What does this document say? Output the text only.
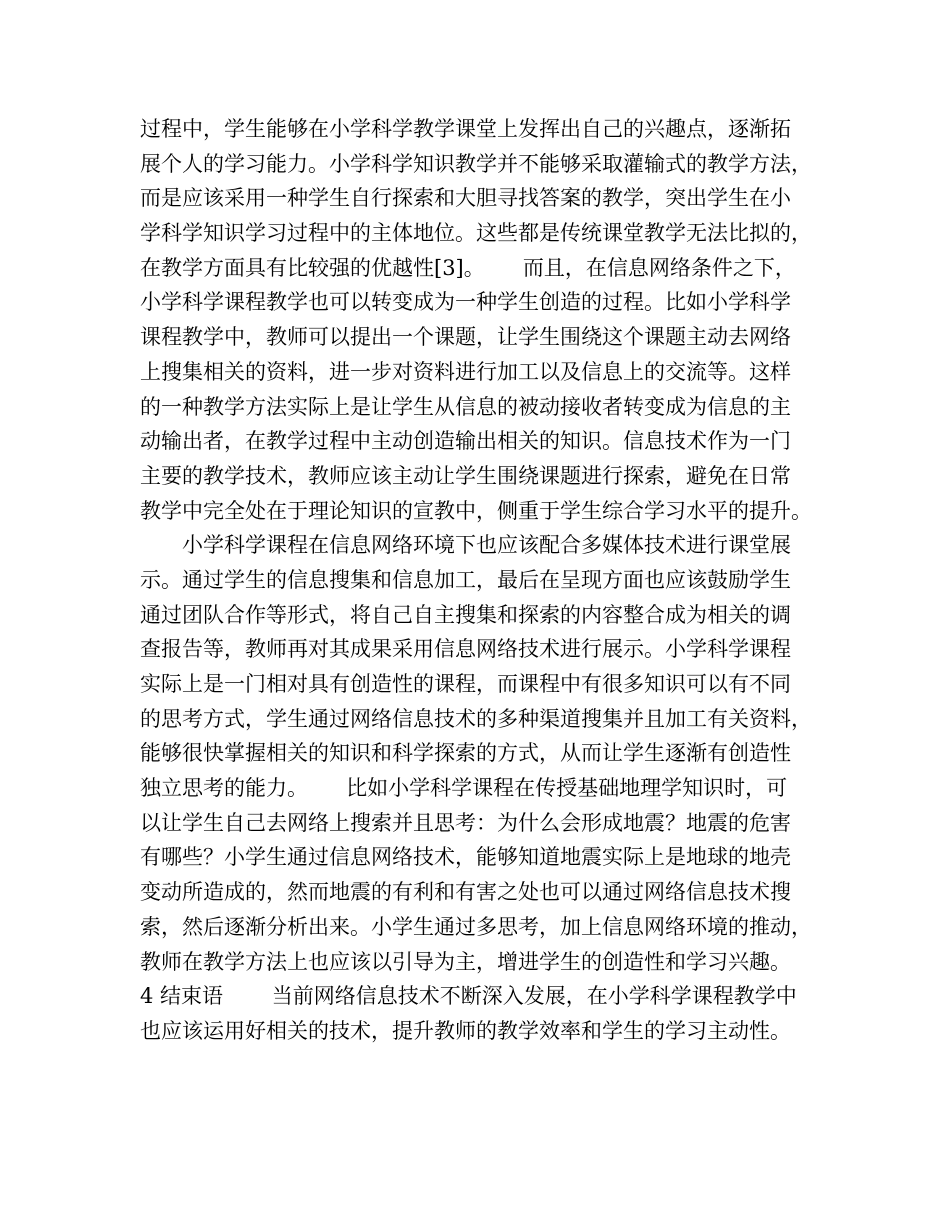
过程中，学生能够在小学科学教学课堂上发挥出自己的兴趣点，逐渐拓
展个人的学习能力。小学科学知识教学并不能够采取灌输式的教学方法，
而是应该采用一种学生自行探索和大胆寻找答案的教学，突出学生在小
学科学知识学习过程中的主体地位。这些都是传统课堂教学无法比拟的，
在教学方面具有比较强的优越性[3]。　　 而且，在信息网络条件之下，
小学科学课程教学也可以转变成为一种学生创造的过程。比如小学科学
课程教学中，教师可以提出一个课题，让学生围绕这个课题主动去网络
上搜集相关的资料，进一步对资料进行加工以及信息上的交流等。这样
的一种教学方法实际上是让学生从信息的被动接收者转变成为信息的主
动输出者，在教学过程中主动创造输出相关的知识。信息技术作为一门
主要的教学技术，教师应该主动让学生围绕课题进行探索，避免在日常
教学中完全处在于理论知识的宣教中，侧重于学生综合学习水平的提升。
　　小学科学课程在信息网络环境下也应该配合多媒体技术进行课堂展
示。通过学生的信息搜集和信息加工，最后在呈现方面也应该鼓励学生
通过团队合作等形式，将自己自主搜集和探索的内容整合成为相关的调
查报告等，教师再对其成果采用信息网络技术进行展示。小学科学课程
实际上是一门相对具有创造性的课程，而课程中有很多知识可以有不同
的思考方式，学生通过网络信息技术的多种渠道搜集并且加工有关资料，
能够很快掌握相关的知识和科学探索的方式，从而让学生逐渐有创造性
独立思考的能力。　　 比如小学科学课程在传授基础地理学知识时，可
以让学生自己去网络上搜索并且思考：为什么会形成地震？地震的危害
有哪些？小学生通过信息网络技术，能够知道地震实际上是地球的地壳
变动所造成的，然而地震的有利和有害之处也可以通过网络信息技术搜
索，然后逐渐分析出来。小学生通过多思考，加上信息网络环境的推动，
教师在教学方法上也应该以引导为主，增进学生的创造性和学习兴趣。
4 结束语　　 当前网络信息技术不断深入发展，在小学科学课程教学中
也应该运用好相关的技术，提升教师的教学效率和学生的学习主动性。
